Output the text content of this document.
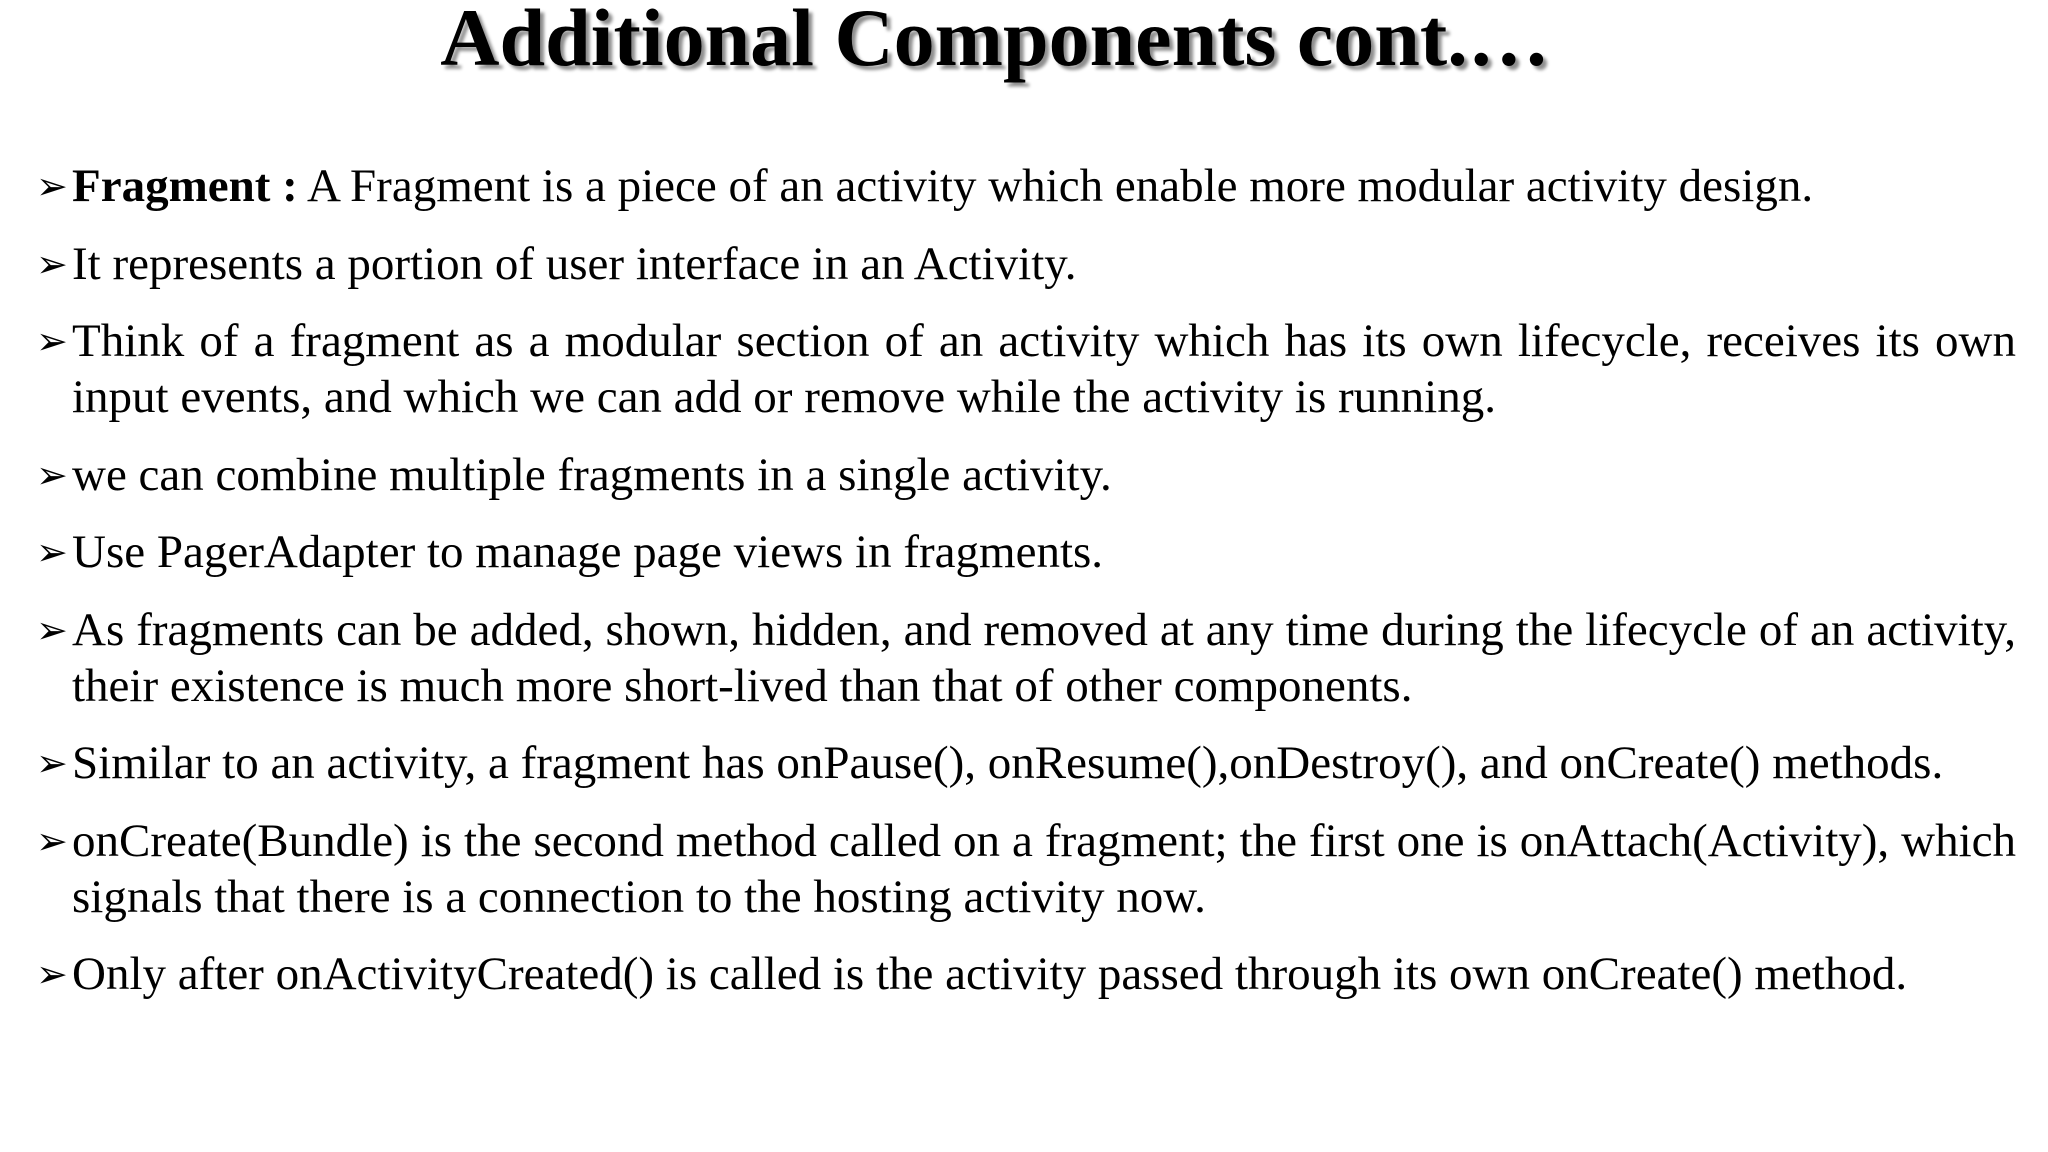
Additional Components cont.…
➢ Fragment : A Fragment is a piece of an activity which enable more modular activity design.
➢ It represents a portion of user interface in an Activity.
➢ Think of a fragment as a modular section of an activity which has its own lifecycle, receives its own input events, and which we can add or remove while the activity is running.
➢ we can combine multiple fragments in a single activity.
➢ Use PagerAdapter to manage page views in fragments.
➢ As fragments can be added, shown, hidden, and removed at any time during the lifecycle of an activity, their existence is much more short-lived than that of other components.
➢ Similar to an activity, a fragment has onPause(), onResume(),onDestroy(), and onCreate() methods.
➢ onCreate(Bundle) is the second method called on a fragment; the first one is onAttach(Activity), which signals that there is a connection to the hosting activity now.
➢ Only after onActivityCreated() is called is the activity passed through its own onCreate() method.
